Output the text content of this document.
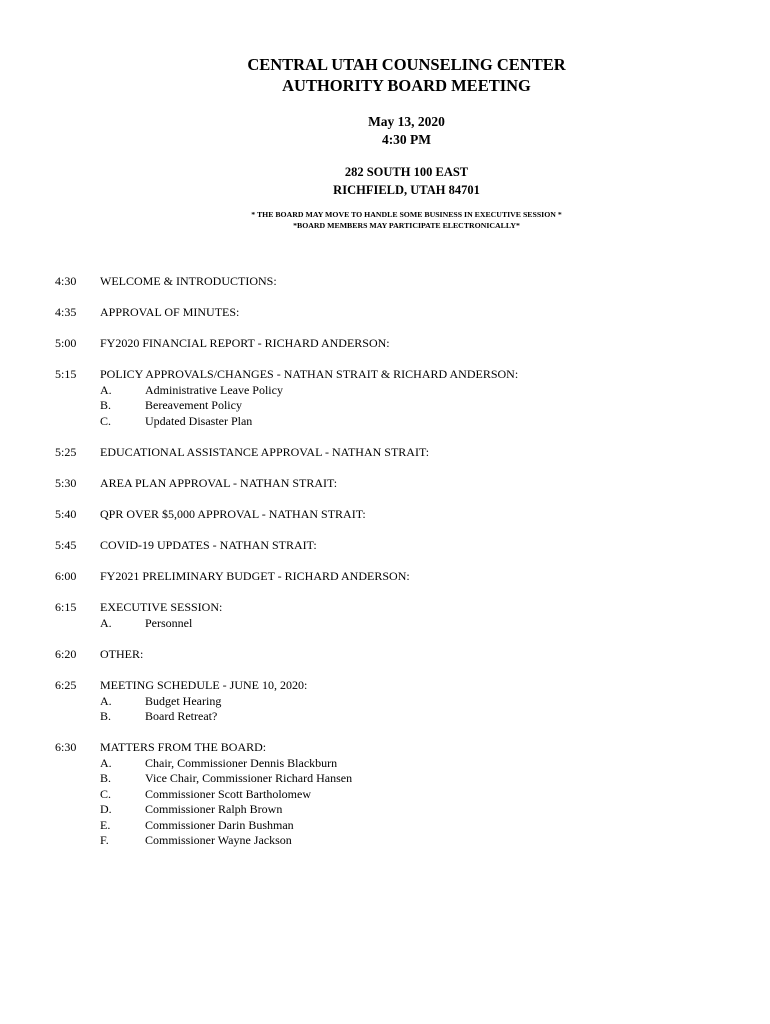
CENTRAL UTAH COUNSELING CENTER
AUTHORITY BOARD MEETING
May 13, 2020
4:30 PM
282 SOUTH 100 EAST
RICHFIELD, UTAH 84701
* THE BOARD MAY MOVE TO HANDLE SOME BUSINESS IN EXECUTIVE SESSION *
*BOARD MEMBERS MAY PARTICIPATE ELECTRONICALLY*
4:30	WELCOME & INTRODUCTIONS:
4:35	APPROVAL OF MINUTES:
5:00	FY2020 FINANCIAL REPORT - RICHARD ANDERSON:
5:15	POLICY APPROVALS/CHANGES - NATHAN STRAIT & RICHARD ANDERSON:
A.	Administrative Leave Policy
B.	Bereavement Policy
C.	Updated Disaster Plan
5:25	EDUCATIONAL ASSISTANCE APPROVAL - NATHAN STRAIT:
5:30	AREA PLAN APPROVAL - NATHAN STRAIT:
5:40	QPR OVER $5,000 APPROVAL - NATHAN STRAIT:
5:45	COVID-19 UPDATES - NATHAN STRAIT:
6:00	FY2021 PRELIMINARY BUDGET - RICHARD ANDERSON:
6:15	EXECUTIVE SESSION:
A.	Personnel
6:20	OTHER:
6:25	MEETING SCHEDULE - JUNE 10, 2020:
A.	Budget Hearing
B.	Board Retreat?
6:30	MATTERS FROM THE BOARD:
A.	Chair, Commissioner Dennis Blackburn
B.	Vice Chair, Commissioner Richard Hansen
C.	Commissioner Scott Bartholomew
D.	Commissioner Ralph Brown
E.	Commissioner Darin Bushman
F.	Commissioner Wayne Jackson
